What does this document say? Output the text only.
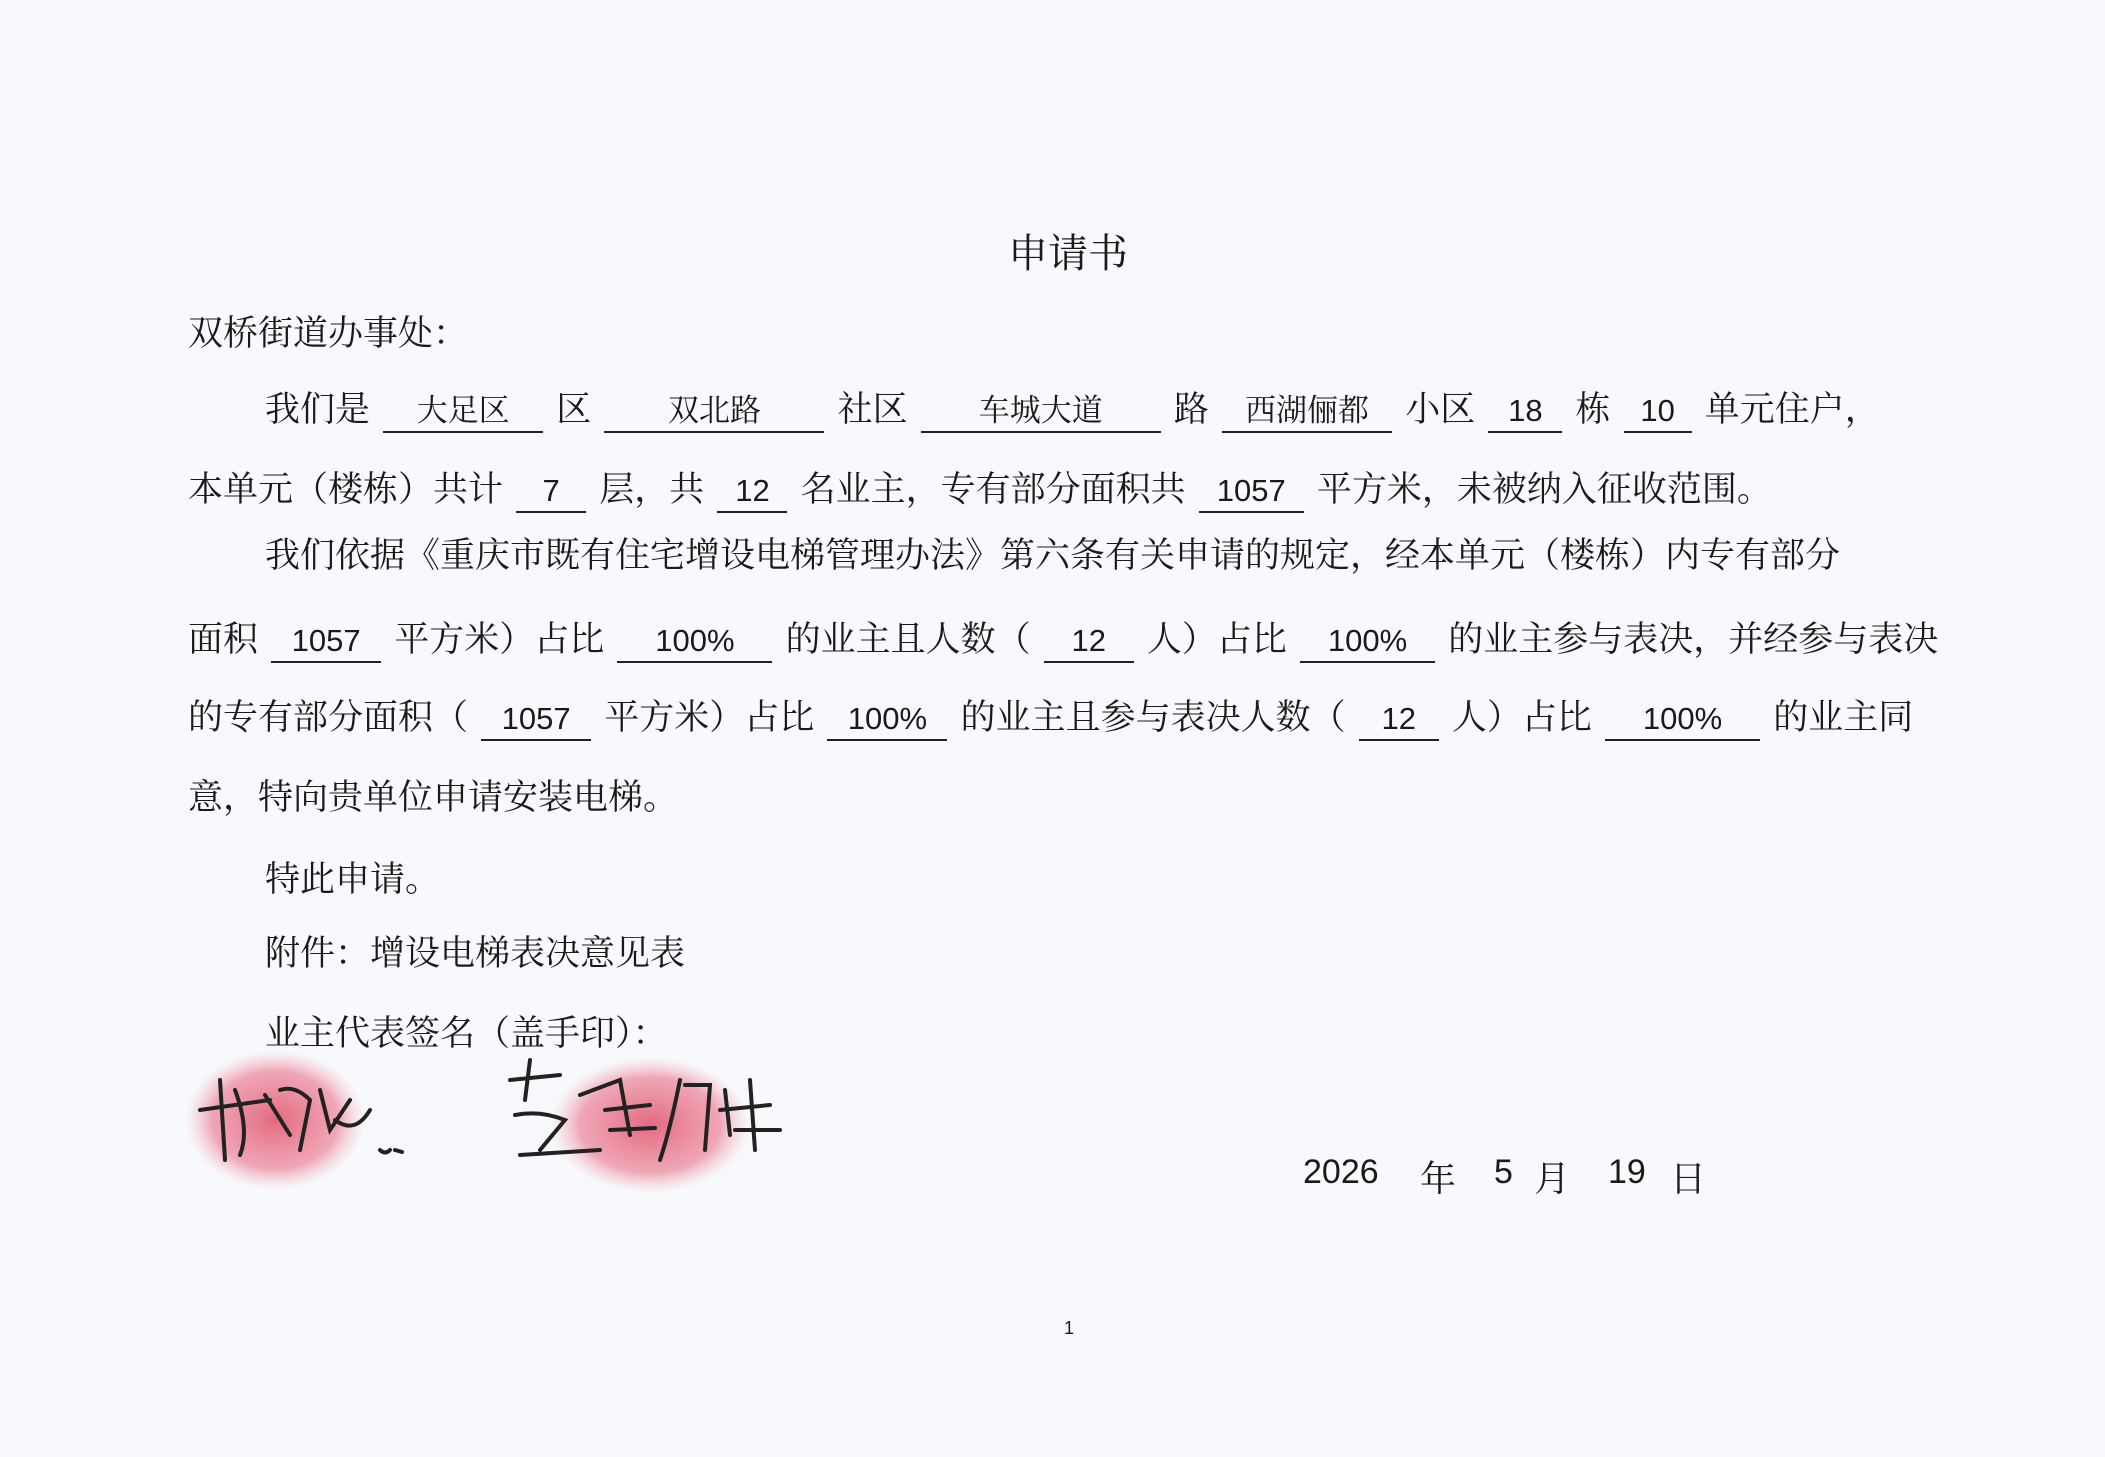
申请书
双桥街道办事处：
我们是 大足区 区 双北路 社区 车城大道 路 西湖俪都 小区 18 栋 10 单元住户，
本单元（楼栋）共计 7 层，共 12 名业主，专有部分面积共 1057 平方米，未被纳入征收范围。
我们依据《重庆市既有住宅增设电梯管理办法》第六条有关申请的规定，经本单元（楼栋）内专有部分
面积 1057 平方米）占比 100% 的业主且人数（ 12 人）占比 100% 的业主参与表决，并经参与表决
的专有部分面积（ 1057 平方米）占比 100% 的业主且参与表决人数（ 12 人）占比 100% 的业主同
意，特向贵单位申请安装电梯。
特此申请。
附件：增设电梯表决意见表
业主代表签名（盖手印）：
2026 年 5 月 19 日
1
